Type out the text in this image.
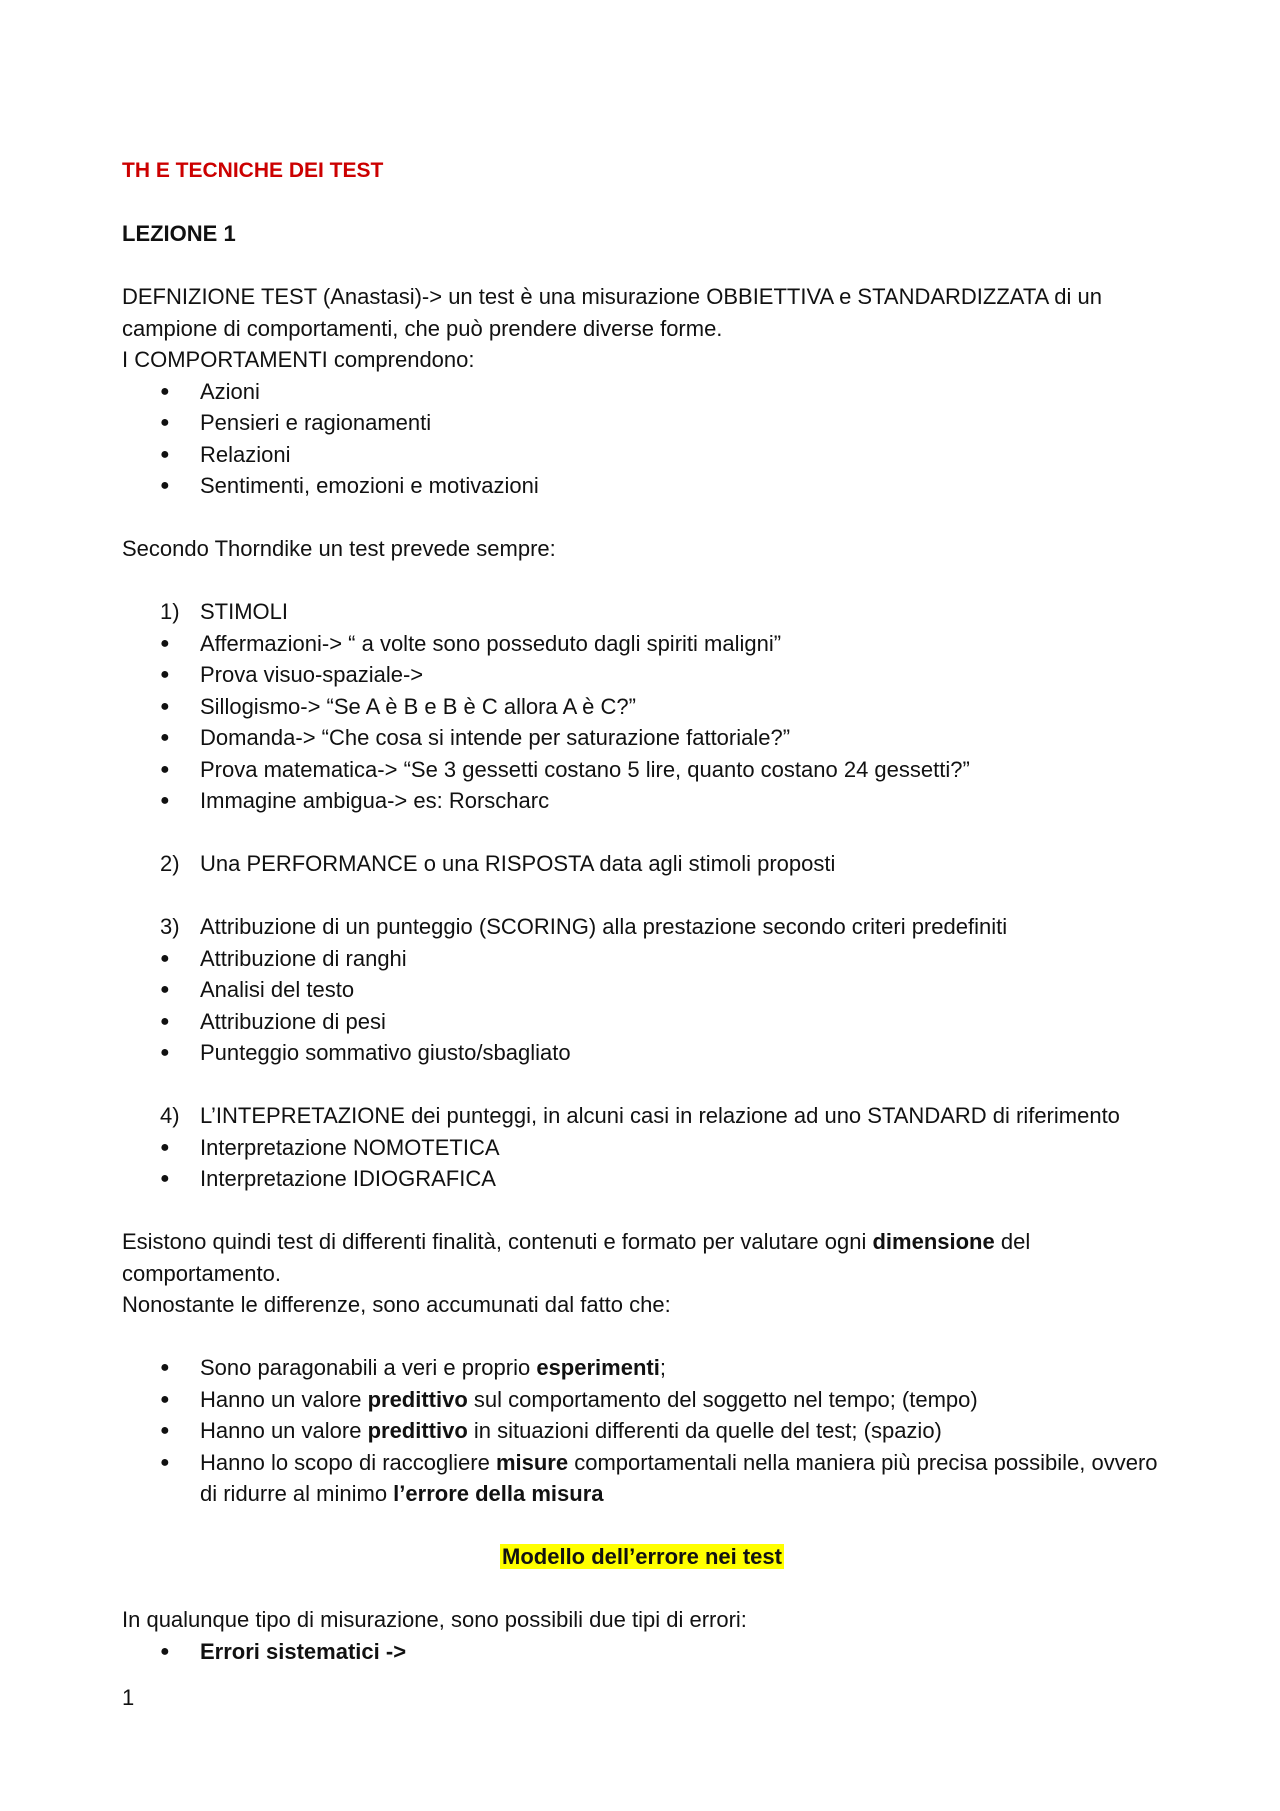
TH E TECNICHE DEI TEST

LEZIONE 1

DEFNIZIONE TEST (Anastasi)-> un test è una misurazione OBBIETTIVA e STANDARDIZZATA di un campione di comportamenti, che può prendere diverse forme.

I COMPORTAMENTI comprendono:

● Azioni
● Pensieri e ragionamenti
● Relazioni
● Sentimenti, emozioni e motivazioni

Secondo Thorndike un test prevede sempre:

1) STIMOLI
● Affermazioni-> “ a volte sono posseduto dagli spiriti maligni”
● Prova visuo-spaziale->
● Sillogismo-> “Se A è B e B è C allora A è C?”
● Domanda-> “Che cosa si intende per saturazione fattoriale?”
● Prova matematica-> “Se 3 gessetti costano 5 lire, quanto costano 24 gessetti?”
● Immagine ambigua-> es: Rorscharc
2) Una PERFORMANCE o una RISPOSTA data agli stimoli proposti
3) Attribuzione di un punteggio (SCORING) alla prestazione secondo criteri predefiniti
● Attribuzione di ranghi
● Analisi del testo
● Attribuzione di pesi
● Punteggio sommativo giusto/sbagliato
4) L’INTEPRETAZIONE dei punteggi, in alcuni casi in relazione ad uno STANDARD di riferimento
● Interpretazione NOMOTETICA
● Interpretazione IDIOGRAFICA

Esistono quindi test di differenti finalità, contenuti e formato per valutare ogni dimensione del comportamento.

Nonostante le differenze, sono accumunati dal fatto che:

● Sono paragonabili a veri e proprio esperimenti;
● Hanno un valore predittivo sul comportamento del soggetto nel tempo; (tempo)
● Hanno un valore predittivo in situazioni differenti da quelle del test; (spazio)
● Hanno lo scopo di raccogliere misure comportamentali nella maniera più precisa possibile, ovvero di ridurre al minimo l’errore della misura

Modello dell’errore nei test

In qualunque tipo di misurazione, sono possibili due tipi di errori:

● Errori sistematici ->
1
